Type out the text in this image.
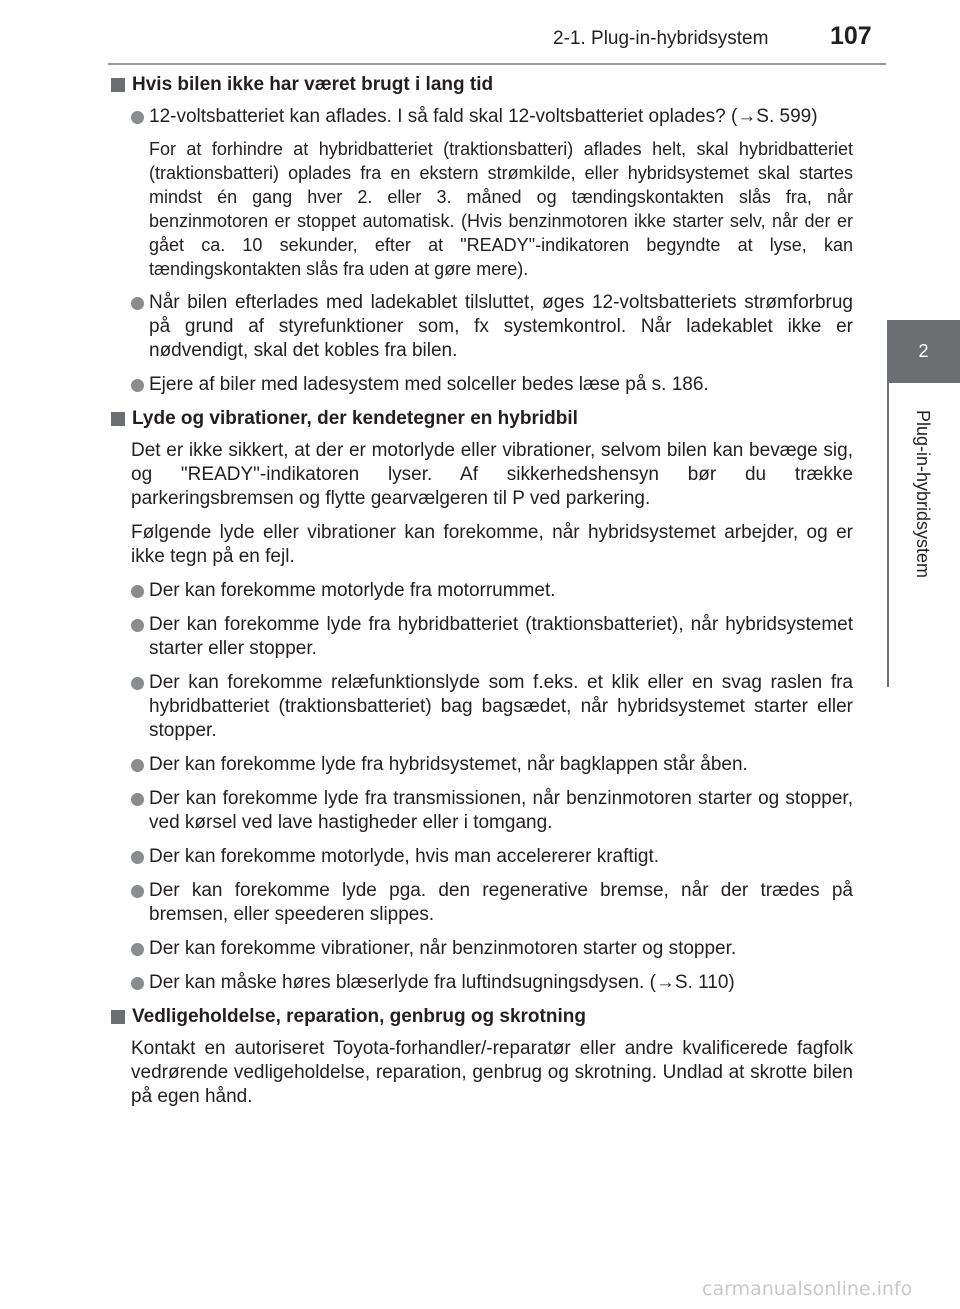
2-1. Plug-in-hybridsystem 107
2
Plug-in-hybridsystem
Hvis bilen ikke har været brugt i lang tid
12-voltsbatteriet kan aflades. I så fald skal 12-voltsbatteriet oplades? (→S. 599)
For at forhindre at hybridbatteriet (traktionsbatteri) aflades helt, skal hybridbatteriet (traktionsbatteri) oplades fra en ekstern strømkilde, eller hybridsystemet skal startes mindst én gang hver 2. eller 3. måned og tændingskontakten slås fra, når benzinmotoren er stoppet automatisk. (Hvis benzinmotoren ikke starter selv, når der er gået ca. 10 sekunder, efter at "READY"-indikatoren begyndte at lyse, kan tændingskontakten slås fra uden at gøre mere).
Når bilen efterlades med ladekablet tilsluttet, øges 12-voltsbatteriets strømforbrug på grund af styrefunktioner som, fx systemkontrol. Når ladekablet ikke er nødvendigt, skal det kobles fra bilen.
Ejere af biler med ladesystem med solceller bedes læse på s. 186.
Lyde og vibrationer, der kendetegner en hybridbil
Det er ikke sikkert, at der er motorlyde eller vibrationer, selvom bilen kan bevæge sig, og "READY"-indikatoren lyser. Af sikkerhedshensyn bør du trække parkeringsbremsen og flytte gearvælgeren til P ved parkering.
Følgende lyde eller vibrationer kan forekomme, når hybridsystemet arbejder, og er ikke tegn på en fejl.
Der kan forekomme motorlyde fra motorrummet.
Der kan forekomme lyde fra hybridbatteriet (traktionsbatteriet), når hybridsystemet starter eller stopper.
Der kan forekomme relæfunktionslyde som f.eks. et klik eller en svag raslen fra hybridbatteriet (traktionsbatteriet) bag bagsædet, når hybridsystemet starter eller stopper.
Der kan forekomme lyde fra hybridsystemet, når bagklappen står åben.
Der kan forekomme lyde fra transmissionen, når benzinmotoren starter og stopper, ved kørsel ved lave hastigheder eller i tomgang.
Der kan forekomme motorlyde, hvis man accelererer kraftigt.
Der kan forekomme lyde pga. den regenerative bremse, når der trædes på bremsen, eller speederen slippes.
Der kan forekomme vibrationer, når benzinmotoren starter og stopper.
Der kan måske høres blæserlyde fra luftindsugningsdysen. (→S. 110)
Vedligeholdelse, reparation, genbrug og skrotning
Kontakt en autoriseret Toyota-forhandler/-reparatør eller andre kvalificerede fagfolk vedrørende vedligeholdelse, reparation, genbrug og skrotning. Undlad at skrotte bilen på egen hånd.
carmanualsonline.info
